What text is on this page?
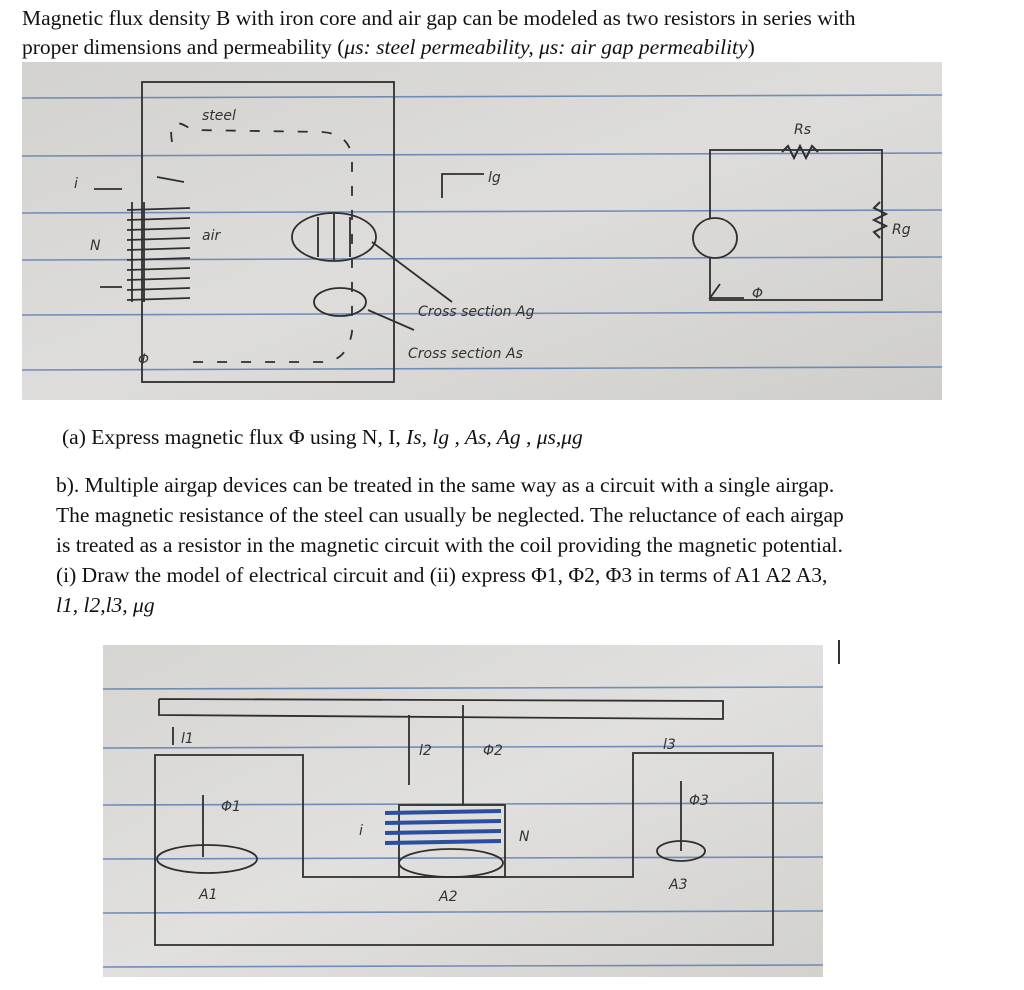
Magnetic flux density B with iron core and air gap can be modeled as two resistors in series with

proper dimensions and permeability (μs: steel permeability, μs: air gap permeability)

steel
air
i
N
Φ
lg
Cross section Ag
Cross section As
Rs
Rg
Φ

(a) Express magnetic flux Φ using N, I, Is, lg , As, Ag , μs,μg

b). Multiple airgap devices can be treated in the same way as a circuit with a single airgap.

The magnetic resistance of the steel can usually be neglected. The reluctance of each airgap

is treated as a resistor in the magnetic circuit with the coil providing the magnetic potential.

(i) Draw the model of electrical circuit and (ii) express Φ1, Φ2, Φ3 in terms of A1 A2 A3,

l1, l2,l3, μg

l1
Φ1
A1
l2	Φ2
i	N
A2
l3
Φ3
A3
